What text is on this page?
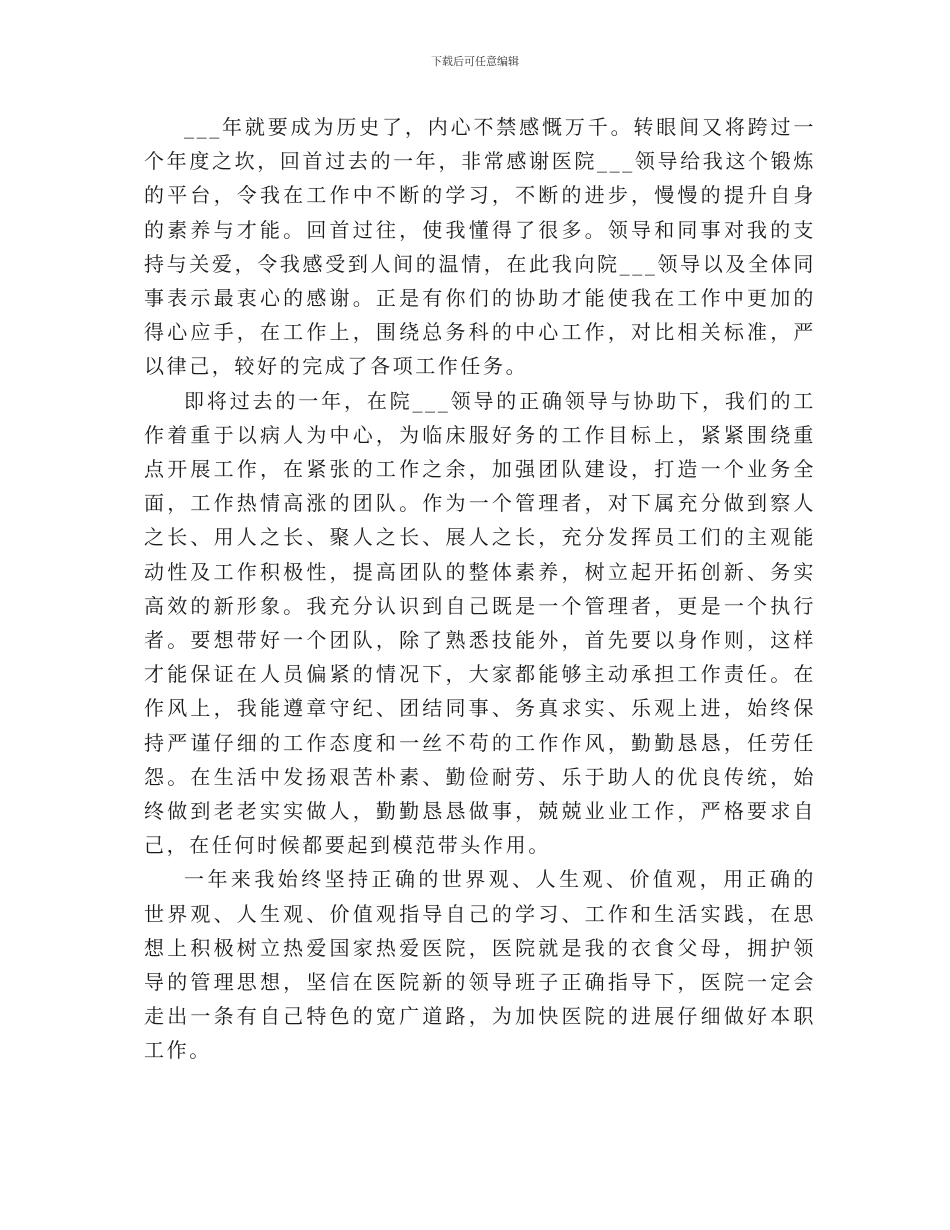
下载后可任意编辑

___年就要成为历史了，内心不禁感慨万千。转眼间又将跨过一个年度之坎，回首过去的一年，非常感谢医院___领导给我这个锻炼的平台，令我在工作中不断的学习，不断的进步，慢慢的提升自身的素养与才能。回首过往，使我懂得了很多。领导和同事对我的支持与关爱，令我感受到人间的温情，在此我向院___领导以及全体同事表示最衷心的感谢。正是有你们的协助才能使我在工作中更加的得心应手，在工作上，围绕总务科的中心工作，对比相关标准，严以律己，较好的完成了各项工作任务。

即将过去的一年，在院___领导的正确领导与协助下，我们的工作着重于以病人为中心，为临床服好务的工作目标上，紧紧围绕重点开展工作，在紧张的工作之余，加强团队建设，打造一个业务全面，工作热情高涨的团队。作为一个管理者，对下属充分做到察人之长、用人之长、聚人之长、展人之长，充分发挥员工们的主观能动性及工作积极性，提高团队的整体素养，树立起开拓创新、务实高效的新形象。我充分认识到自己既是一个管理者，更是一个执行者。要想带好一个团队，除了熟悉技能外，首先要以身作则，这样才能保证在人员偏紧的情况下，大家都能够主动承担工作责任。在作风上，我能遵章守纪、团结同事、务真求实、乐观上进，始终保持严谨仔细的工作态度和一丝不苟的工作作风，勤勤恳恳，任劳任怨。在生活中发扬艰苦朴素、勤俭耐劳、乐于助人的优良传统，始终做到老老实实做人，勤勤恳恳做事，兢兢业业工作，严格要求自己，在任何时候都要起到模范带头作用。

一年来我始终坚持正确的世界观、人生观、价值观，用正确的世界观、人生观、价值观指导自己的学习、工作和生活实践，在思想上积极树立热爱国家热爱医院，医院就是我的衣食父母，拥护领导的管理思想，坚信在医院新的领导班子正确指导下，医院一定会走出一条有自己特色的宽广道路，为加快医院的进展仔细做好本职工作。
